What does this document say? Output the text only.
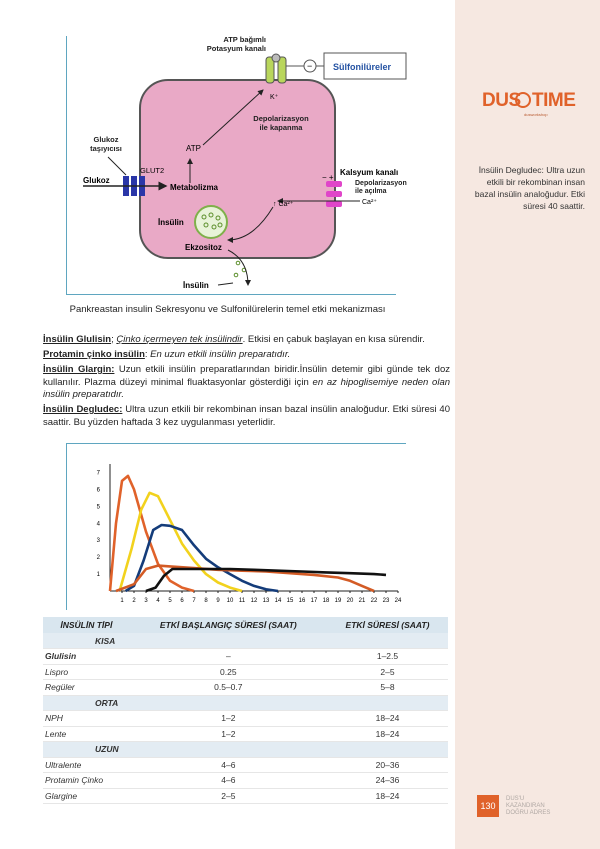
DUS TIME
dusworkshop
İnsülin Degludec: Ultra uzun etkili bir rekombinan insan bazal insülin analoğudur. Etki süresi 40 saattir.
130
DUS'U
KAZANDIRAN
DOĞRU ADRES
K⁺
− Sülfonilüreler
ATP
GLUT2
Glukoz
Metabolizma
− +
Ca²⁺
↑ Ca²⁺
Kalsyum kanalı
İnsülin
Ekzositoz
İnsülin
ATP bağımlı
Potasyum kanalı
Depolarizasyon
ile kapanma
Glukoz
taşıyıcısı
Depolarizasyon
ile açılma
Pankreastan insulin Sekresyonu ve Sulfonilürelerin temel etki mekanizması
İnsülin Glulisin; Çinko içermeyen tek insülindir. Etkisi en çabuk başlayan en kısa sürendir.
Protamin çinko insülin: En uzun etkili insülin preparatıdır.
İnsülin Glargin: Uzun etkili insülin preparatlarından biridir.İnsülin detemir gibi günde tek doz kullanılır. Plazma düzeyi minimal fluaktasyonlar gösterdiği için en az hipoglisemiye neden olan insülin preparatıdır.
İnsülin Degludec: Ultra uzun etkili bir rekombinan insan bazal insülin analoğudur. Etki süresi 40 saattir. Bu yüzden haftada 3 kez uygulanması yeterlidir.
1 2 3 4 5 6 7 8 9 10 11 12 13 14 15 16 17 18 19 20 21 22 23 24
1
2
3
4
5
6
7
İNSÜLİN TİPİ	ETKİ BAŞLANGIÇ SÜRESİ (SAAT)	ETKİ SÜRESİ (SAAT)
KISA		
Glulisin	–	1–2.5
Lispro	0.25	2–5
Regüler	0.5–0.7	5–8
ORTA		
NPH	1–2	18–24
Lente	1–2	18–24
UZUN		
Ultralente	4–6	20–36
Protamin Çinko	4–6	24–36
Glargine	2–5	18–24
